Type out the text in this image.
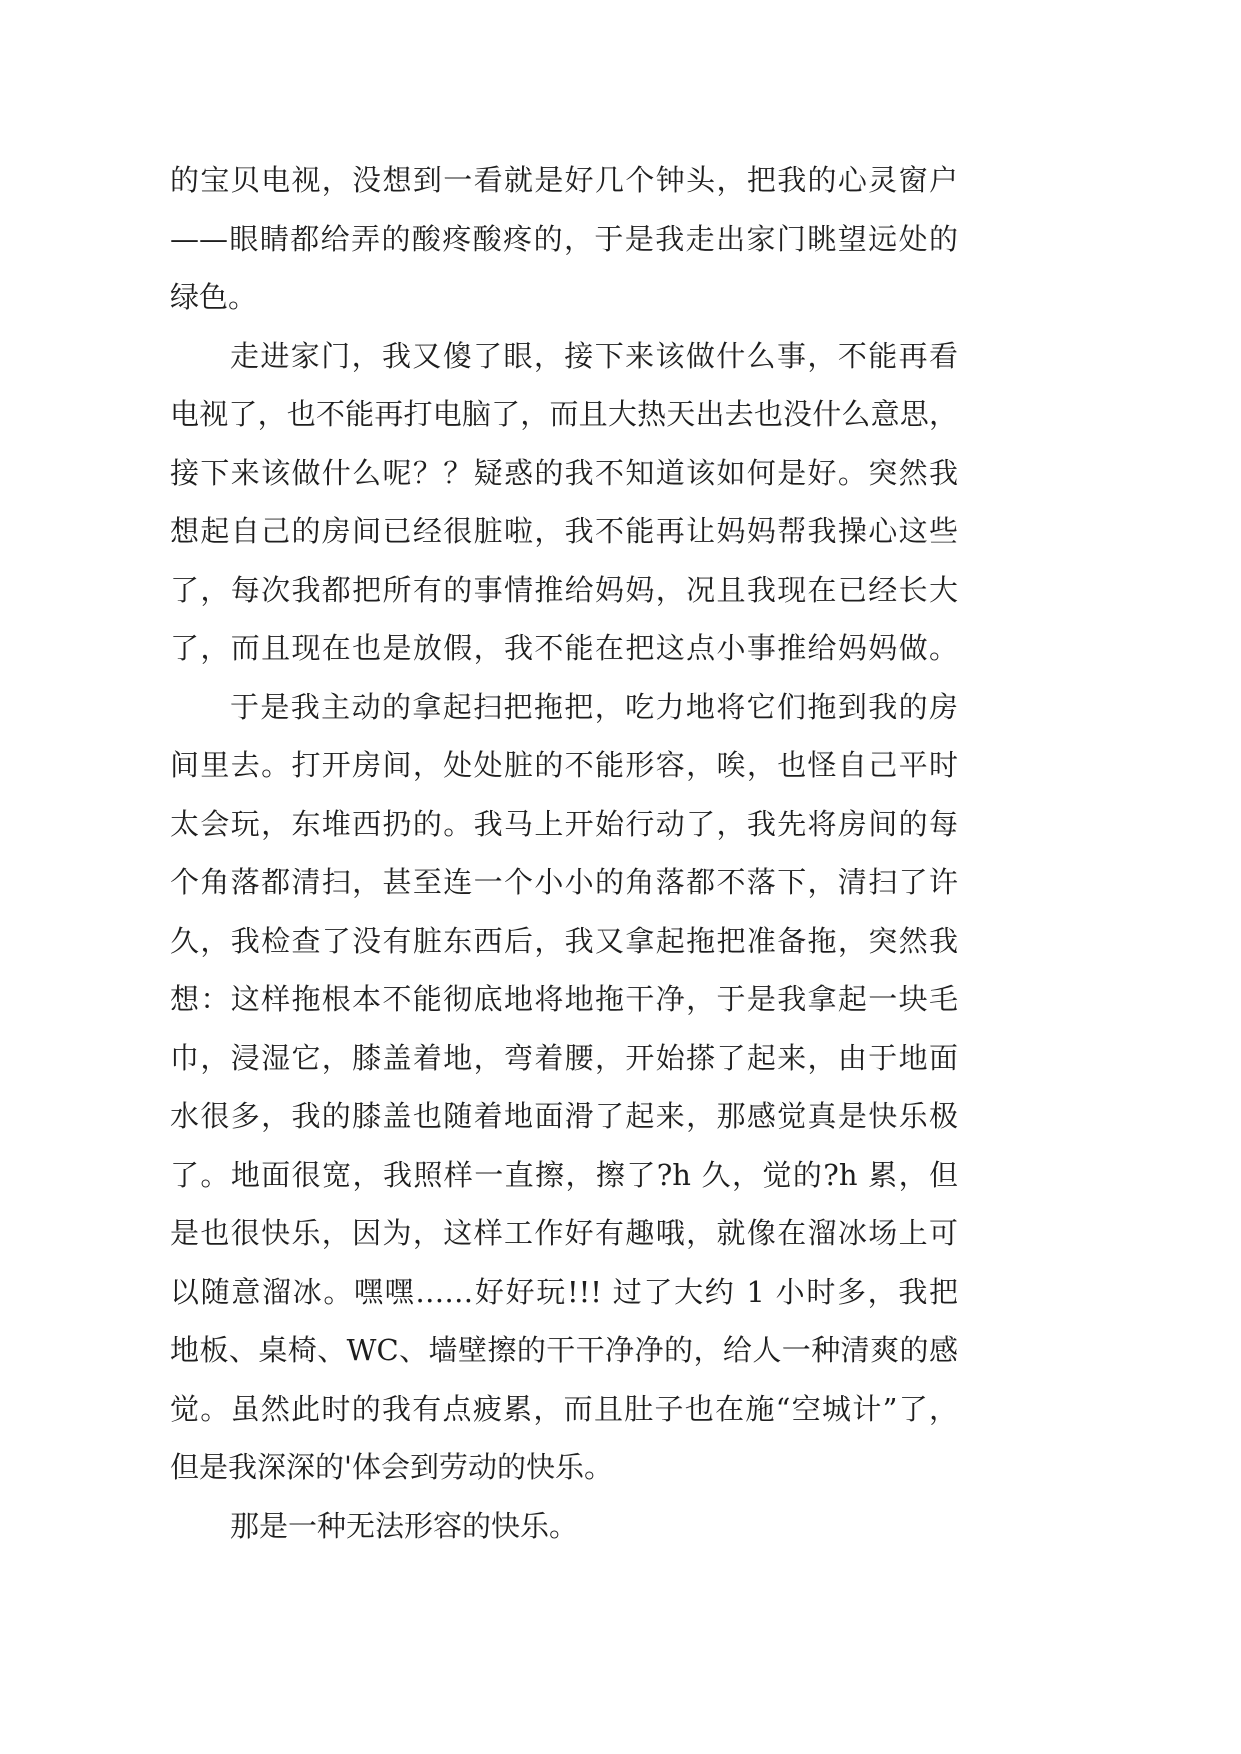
的宝贝电视，没想到一看就是好几个钟头，把我的心灵窗户
——眼睛都给弄的酸疼酸疼的，于是我走出家门眺望远处的
绿色。
走进家门，我又傻了眼，接下来该做什么事，不能再看
电视了，也不能再打电脑了，而且大热天出去也没什么意思，
接下来该做什么呢？？疑惑的我不知道该如何是好。突然我
想起自己的房间已经很脏啦，我不能再让妈妈帮我操心这些
了，每次我都把所有的事情推给妈妈，况且我现在已经长大
了，而且现在也是放假，我不能在把这点小事推给妈妈做。
于是我主动的拿起扫把拖把，吃力地将它们拖到我的房
间里去。打开房间，处处脏的不能形容，唉，也怪自己平时
太会玩，东堆西扔的。我马上开始行动了，我先将房间的每
个角落都清扫，甚至连一个小小的角落都不落下，清扫了许
久，我检查了没有脏东西后，我又拿起拖把准备拖，突然我
想：这样拖根本不能彻底地将地拖干净，于是我拿起一块毛
巾，浸湿它，膝盖着地，弯着腰，开始搽了起来，由于地面
水很多，我的膝盖也随着地面滑了起来，那感觉真是快乐极
了。地面很宽，我照样一直擦，擦了?h 久，觉的?h 累，但
是也很快乐，因为，这样工作好有趣哦，就像在溜冰场上可
以随意溜冰。嘿嘿……好好玩!!! 过了大约 1 小时多，我把
地板、桌椅、WC、墙壁擦的干干净净的，给人一种清爽的感
觉。虽然此时的我有点疲累，而且肚子也在施“空城计”了，
但是我深深的'体会到劳动的快乐。
那是一种无法形容的快乐。
